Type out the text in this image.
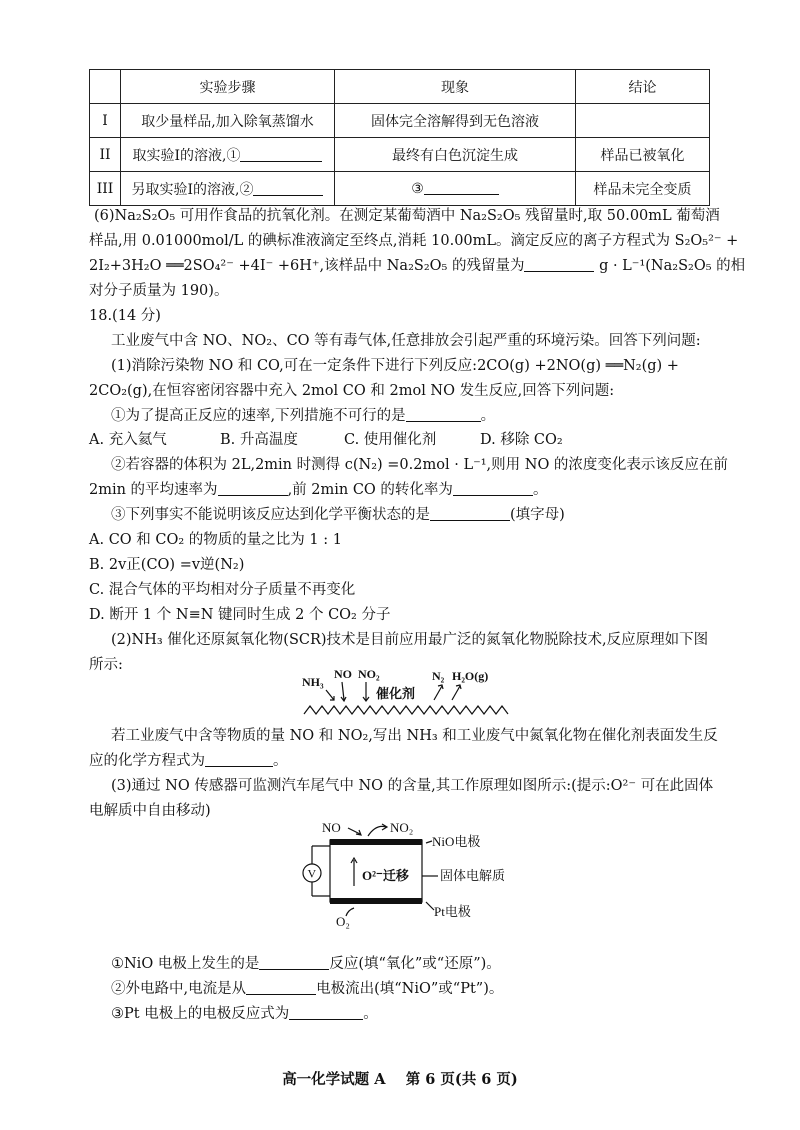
	实验步骤	现象	结论
I	取少量样品,加入除氧蒸馏水	固体完全溶解得到无色溶液	
II	取实验I的溶液,①	最终有白色沉淀生成	样品已被氧化
III	另取实验I的溶液,②	③	样品未完全变质
(6)Na₂S₂O₅ 可用作食品的抗氧化剂。在测定某葡萄酒中 Na₂S₂O₅ 残留量时,取 50.00mL 葡萄酒
样品,用 0.01000mol/L 的碘标准液滴定至终点,消耗 10.00mL。滴定反应的离子方程式为 S₂O₅²⁻ +
2I₂+3H₂O ══2SO₄²⁻ +4I⁻ +6H⁺,该样品中 Na₂S₂O₅ 的残留量为	g · L⁻¹(Na₂S₂O₅ 的相
对分子质量为 190)。
18.(14 分)
工业废气中含 NO、NO₂、CO 等有毒气体,任意排放会引起严重的环境污染。回答下列问题:
(1)消除污染物 NO 和 CO,可在一定条件下进行下列反应:2CO(g) +2NO(g) ══N₂(g) +
2CO₂(g),在恒容密闭容器中充入 2mol CO 和 2mol NO 发生反应,回答下列问题:
①为了提高正反应的速率,下列措施不可行的是	。
A. 充入氦气	B. 升高温度	C. 使用催化剂	D. 移除 CO₂
②若容器的体积为 2L,2min 时测得 c(N₂) =0.2mol · L⁻¹,则用 NO 的浓度变化表示该反应在前
2min 的平均速率为	,前 2min CO 的转化率为	。
③下列事实不能说明该反应达到化学平衡状态的是	(填字母)
A. CO 和 CO₂ 的物质的量之比为 1 : 1
B. 2v正(CO) =v逆(N₂)
C. 混合气体的平均相对分子质量不再变化
D. 断开 1 个 N≡N 键同时生成 2 个 CO₂ 分子
(2)NH₃ 催化还原氮氧化物(SCR)技术是目前应用最广泛的氮氧化物脱除技术,反应原理如下图
所示:
NH₃
NO NO₂
催化剂
N₂ H₂O(g)
若工业废气中含等物质的量 NO 和 NO₂,写出 NH₃ 和工业废气中氮氧化物在催化剂表面发生反
应的化学方程式为	。
(3)通过 NO 传感器可监测汽车尾气中 NO 的含量,其工作原理如图所示:(提示:O²⁻ 可在此固体
电解质中自由移动)
NO	NO₂
NiO电极
O²⁻迁移 固体电解质
Pt电极
O₂
V
①NiO 电极上发生的是	反应(填“氧化”或“还原”)。
②外电路中,电流是从	电极流出(填“NiO”或“Pt”)。
③Pt 电极上的电极反应式为	。
高一化学试题 A 第 6 页(共 6 页)
